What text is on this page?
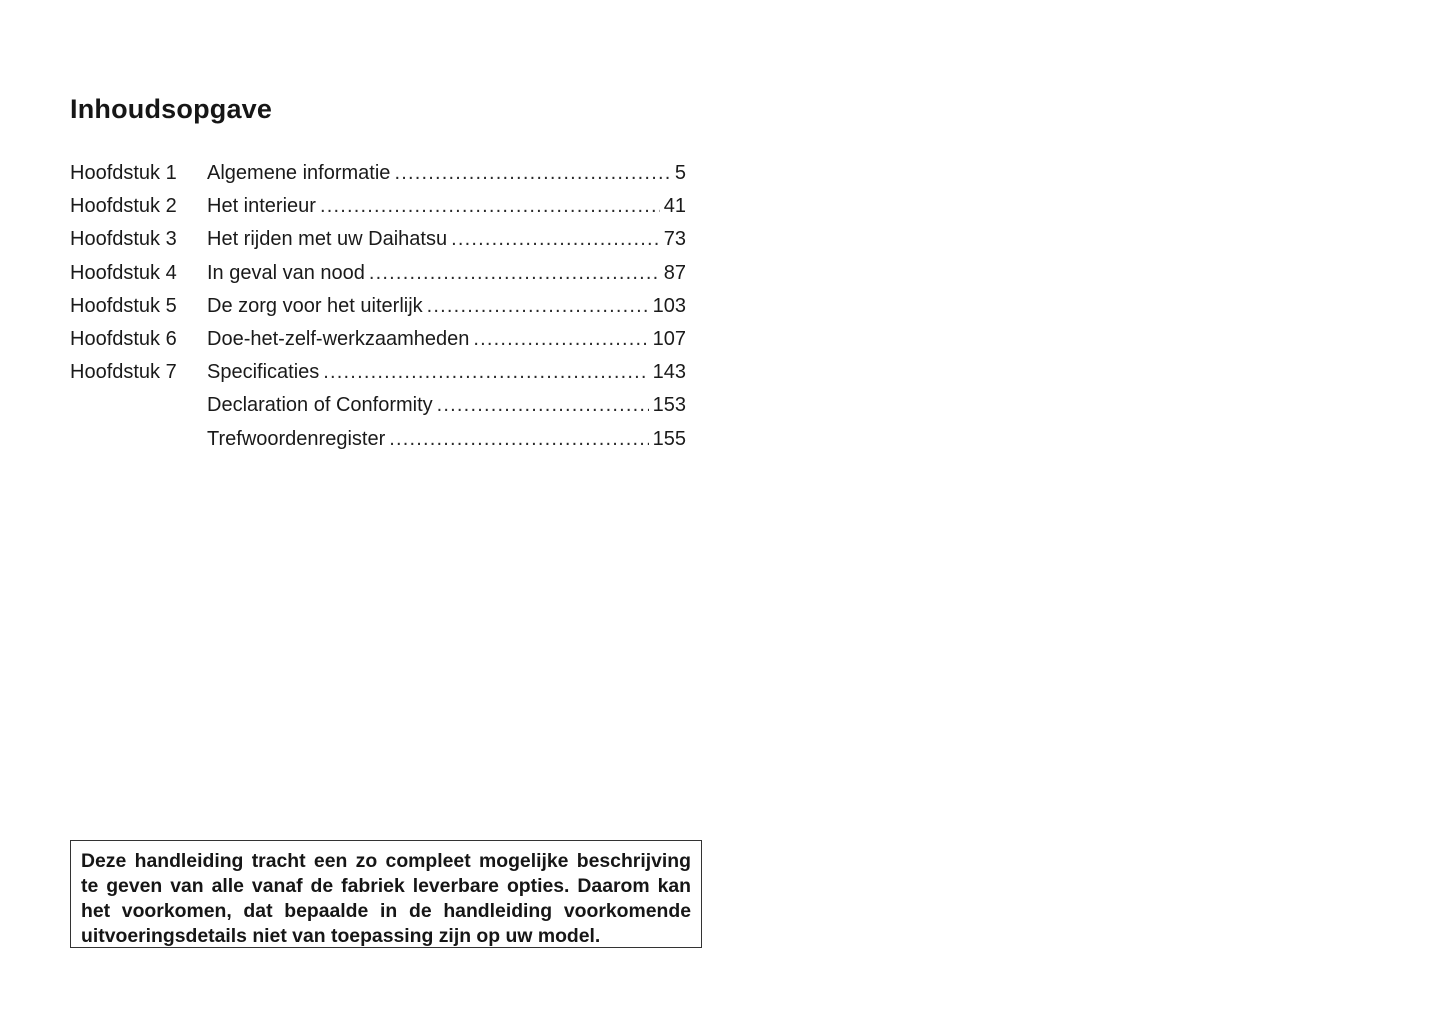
Inhoudsopgave
Hoofdstuk 1	Algemene informatie .....	5
Hoofdstuk 2	Het interieur .....	41
Hoofdstuk 3	Het rijden met uw Daihatsu .....	73
Hoofdstuk 4	In geval van nood .....	87
Hoofdstuk 5	De zorg voor het uiterlijk .....	103
Hoofdstuk 6	Doe-het-zelf-werkzaamheden .....	107
Hoofdstuk 7	Specificaties .....	143
Declaration of Conformity .....	153
Trefwoordenregister .....	155
Deze handleiding tracht een zo compleet mogelijke beschrijving te geven van alle vanaf de fabriek leverbare opties. Daarom kan het voorkomen, dat bepaalde in de handleiding voorkomende uitvoeringsdetails niet van toepassing zijn op uw model.
